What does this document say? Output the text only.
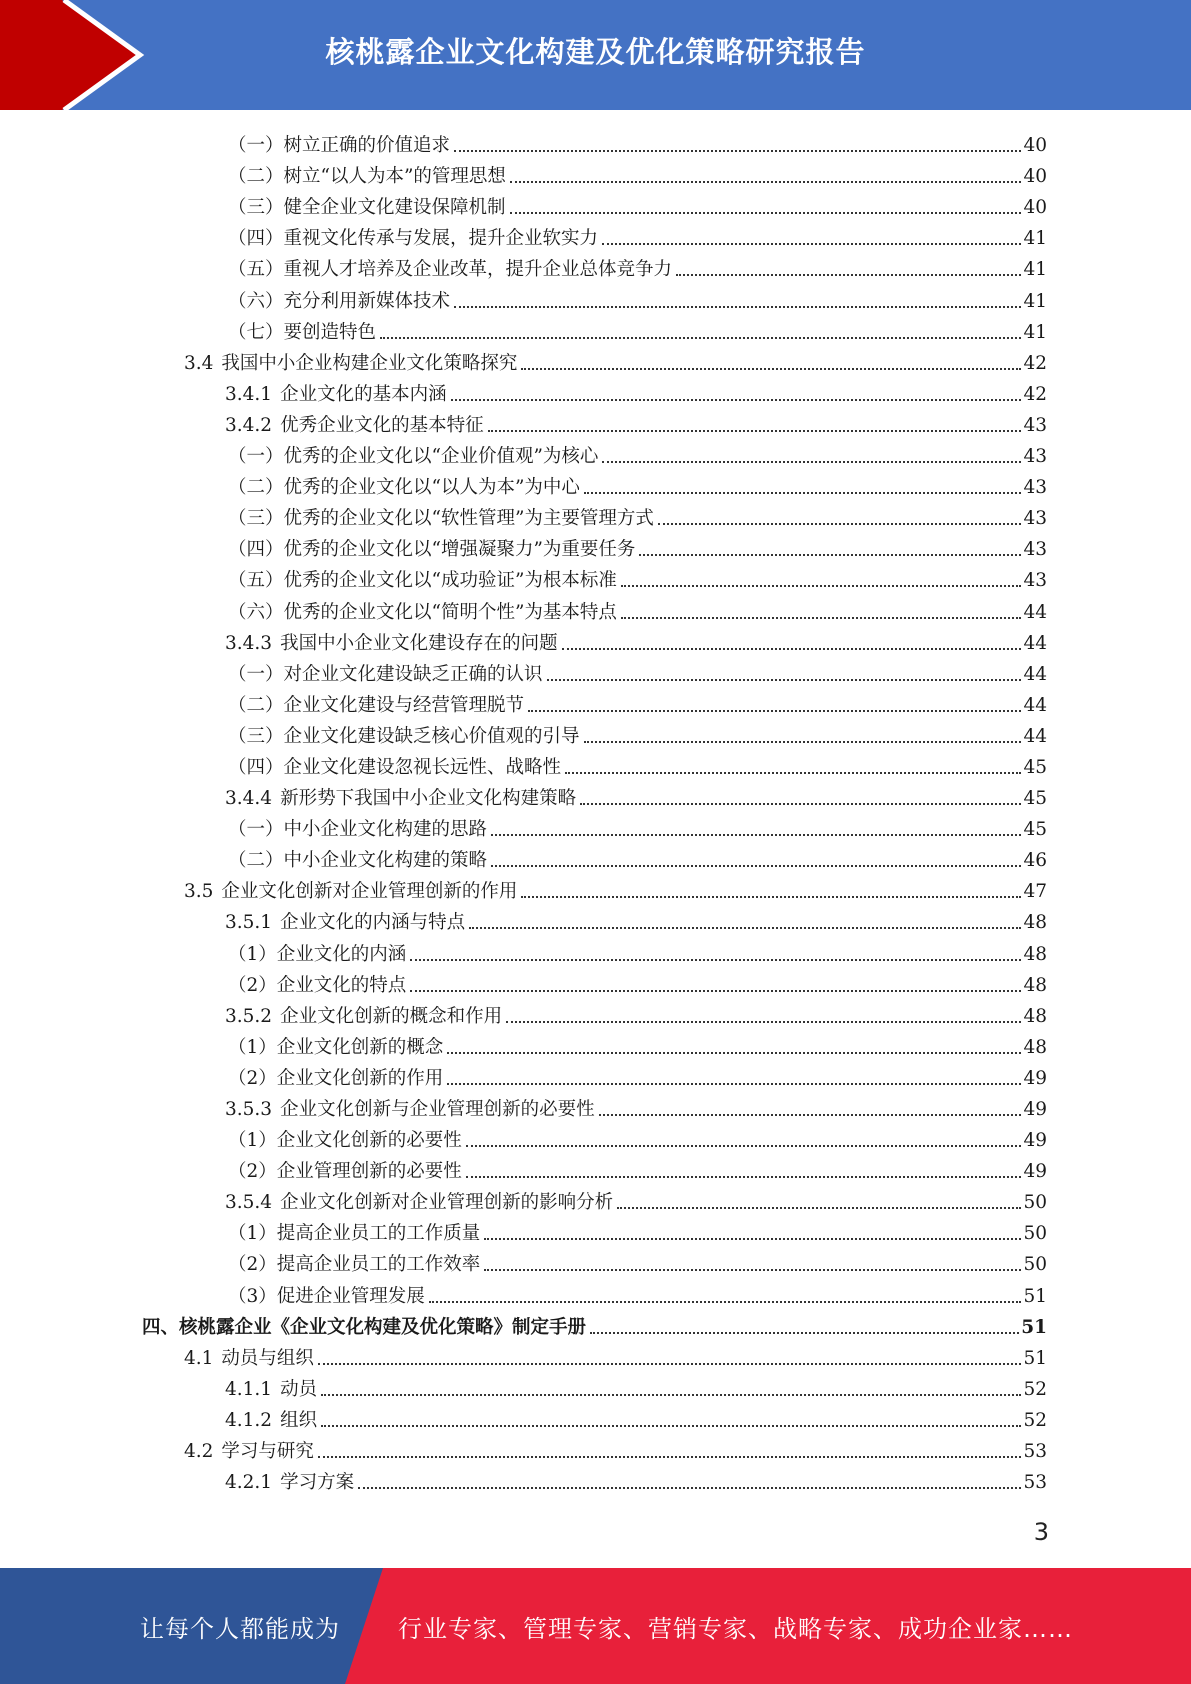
核桃露企业文化构建及优化策略研究报告
（一） 树立正确的价值追求	40
（二） 树立“以人为本”的管理思想	40
（三） 健全企业文化建设保障机制	40
（四） 重视文化传承与发展，提升企业软实力	41
（五） 重视人才培养及企业改革，提升企业总体竞争力	41
（六） 充分利用新媒体技术	41
（七） 要创造特色	41
3.4 我国中小企业构建企业文化策略探究	42
3.4.1 企业文化的基本内涵	42
3.4.2 优秀企业文化的基本特征	43
（一） 优秀的企业文化以“企业价值观”为核心	43
（二） 优秀的企业文化以“以人为本”为中心	43
（三） 优秀的企业文化以“软性管理”为主要管理方式	43
（四） 优秀的企业文化以“增强凝聚力”为重要任务	43
（五） 优秀的企业文化以“成功验证”为根本标准	43
（六） 优秀的企业文化以“简明个性”为基本特点	44
3.4.3 我国中小企业文化建设存在的问题	44
（一） 对企业文化建设缺乏正确的认识	44
（二） 企业文化建设与经营管理脱节	44
（三） 企业文化建设缺乏核心价值观的引导	44
（四） 企业文化建设忽视长远性、战略性	45
3.4.4 新形势下我国中小企业文化构建策略	45
（一） 中小企业文化构建的思路	45
（二） 中小企业文化构建的策略	46
3.5 企业文化创新对企业管理创新的作用	47
3.5.1 企业文化的内涵与特点	48
（1） 企业文化的内涵	48
（2） 企业文化的特点	48
3.5.2 企业文化创新的概念和作用	48
（1） 企业文化创新的概念	48
（2） 企业文化创新的作用	49
3.5.3 企业文化创新与企业管理创新的必要性	49
（1） 企业文化创新的必要性	49
（2） 企业管理创新的必要性	49
3.5.4 企业文化创新对企业管理创新的影响分析	50
（1） 提高企业员工的工作质量	50
（2） 提高企业员工的工作效率	50
（3） 促进企业管理发展	51
四、 核桃露企业《企业文化构建及优化策略》制定手册	51
4.1 动员与组织	51
4.1.1 动员	52
4.1.2 组织	52
4.2 学习与研究	53
4.2.1 学习方案	53
3
让每个人都能成为 行业专家、管理专家、营销专家、战略专家、成功企业家……
